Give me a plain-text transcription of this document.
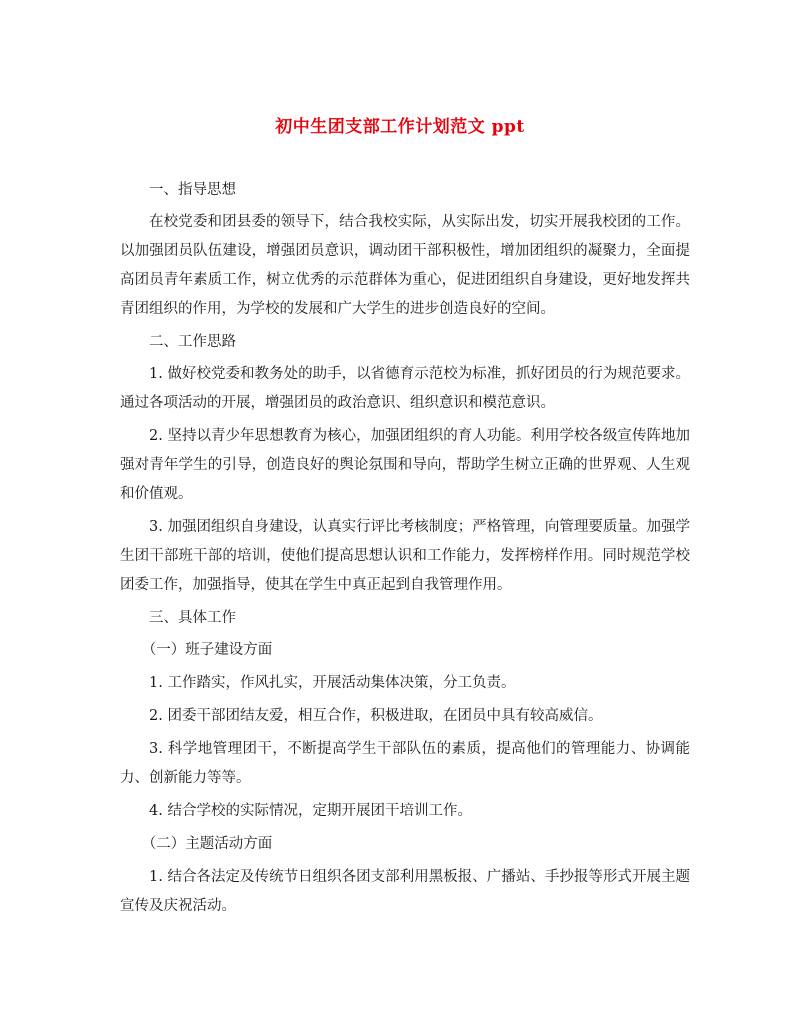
初中生团支部工作计划范文 ppt

一、指导思想

在校党委和团县委的领导下，结合我校实际，从实际出发，切实开展我校团的工作。以加强团员队伍建设，增强团员意识，调动团干部积极性，增加团组织的凝聚力，全面提高团员青年素质工作，树立优秀的示范群体为重心，促进团组织自身建设，更好地发挥共青团组织的作用，为学校的发展和广大学生的进步创造良好的空间。

二、工作思路

1. 做好校党委和教务处的助手，以省德育示范校为标准，抓好团员的行为规范要求。通过各项活动的开展，增强团员的政治意识、组织意识和模范意识。

2. 坚持以青少年思想教育为核心，加强团组织的育人功能。利用学校各级宣传阵地加强对青年学生的引导，创造良好的舆论氛围和导向，帮助学生树立正确的世界观、人生观和价值观。

3. 加强团组织自身建设，认真实行评比考核制度；严格管理，向管理要质量。加强学生团干部班干部的培训，使他们提高思想认识和工作能力，发挥榜样作用。同时规范学校团委工作，加强指导，使其在学生中真正起到自我管理作用。

三、具体工作

（一）班子建设方面

1. 工作踏实，作风扎实，开展活动集体决策，分工负责。

2. 团委干部团结友爱，相互合作，积极进取，在团员中具有较高威信。

3. 科学地管理团干，不断提高学生干部队伍的素质，提高他们的管理能力、协调能力、创新能力等等。

4. 结合学校的实际情况，定期开展团干培训工作。

（二）主题活动方面

1. 结合各法定及传统节日组织各团支部利用黑板报、广播站、手抄报等形式开展主题宣传及庆祝活动。
